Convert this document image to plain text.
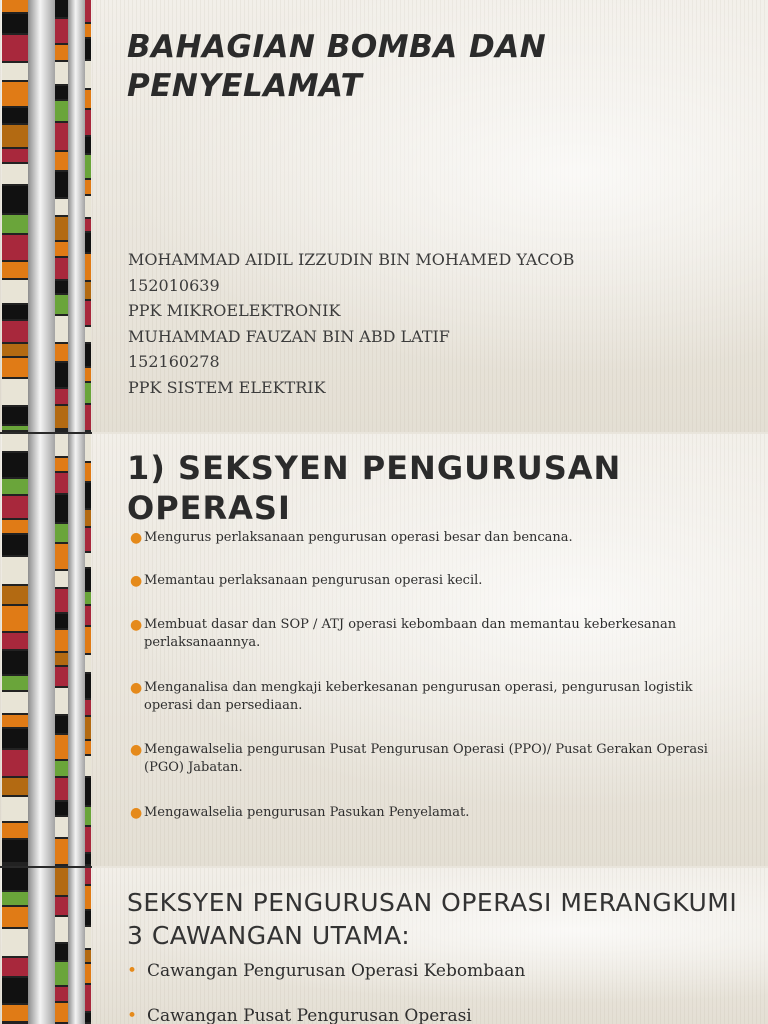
BAHAGIAN BOMBA DAN PENYELAMAT
MOHAMMAD AIDIL IZZUDIN BIN MOHAMED YACOB
152010639
PPK MIKROELEKTRONIK
MUHAMMAD FAUZAN BIN ABD LATIF
152160278
PPK SISTEM ELEKTRIK
1) SEKSYEN PENGURUSAN OPERASI
● Mengurus perlaksanaan pengurusan operasi besar dan bencana.
● Memantau perlaksanaan pengurusan operasi kecil.
● Membuat dasar dan SOP / ATJ operasi kebombaan dan memantau keberkesanan perlaksanaannya.
● Menganalisa dan mengkaji keberkesanan pengurusan operasi, pengurusan logistik operasi dan persediaan.
● Mengawalselia pengurusan Pusat Pengurusan Operasi (PPO)/ Pusat Gerakan Operasi (PGO) Jabatan.
● Mengawalselia pengurusan Pasukan Penyelamat.
SEKSYEN PENGURUSAN OPERASI MERANGKUMI 3 CAWANGAN UTAMA:
• Cawangan Pengurusan Operasi Kebombaan
• Cawangan Pusat Pengurusan Operasi
